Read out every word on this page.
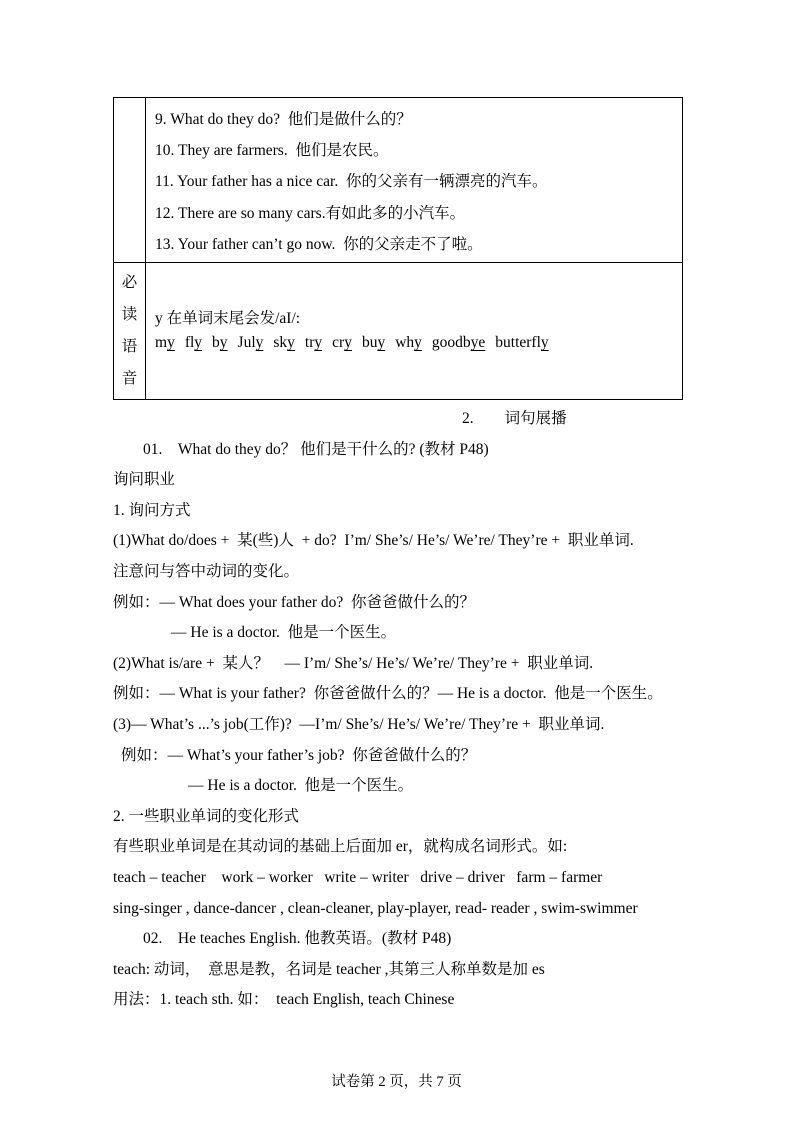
	9. What do they do?  他们是做什么的？

10. They are farmers.  他们是农民。

11. Your father has a nice car.  你的父亲有一辆漂亮的汽车。

12. There are so many cars.有如此多的小汽车。

13. Your father can’t go now.  你的父亲走不了啦。

必
读
语
音	y 在单词末尾会发/aI/: my fly by July sky try cry buy why goodbye butterfly

2.　　词句展播

01.　What do they do？ 他们是干什么的? (教材 P48)

询问职业

1. 询问方式

(1)What do/does +  某(些)人  + do?  I’m/ She’s/ He’s/ We’re/ They’re +  职业单词.

注意问与答中动词的变化。

例如：— What does your father do?  你爸爸做什么的？

— He is a doctor.  他是一个医生。

(2)What is/are +  某人？　— I’m/ She’s/ He’s/ We’re/ They’re +  职业单词.

例如：— What is your father?  你爸爸做什么的？— He is a doctor.  他是一个医生。

(3)— What’s ...’s job(工作)?  —I’m/ She’s/ He’s/ We’re/ They’re +  职业单词.

例如：— What’s your father’s job?  你爸爸做什么的？

— He is a doctor.  他是一个医生。

2. 一些职业单词的变化形式

有些职业单词是在其动词的基础上后面加 er，就构成名词形式。如:

teach – teacher    work – worker   write – writer   drive – driver   farm – farmer

sing-singer , dance-dancer , clean-cleaner, play-player, read- reader , swim-swimmer

02.　He teaches English. 他教英语。(教材 P48)

teach: 动词，  意思是教，名词是 teacher ,其第三人称单数是加 es

用法：1. teach sth. 如：  teach English, teach Chinese

试卷第 2 页，共 7 页
